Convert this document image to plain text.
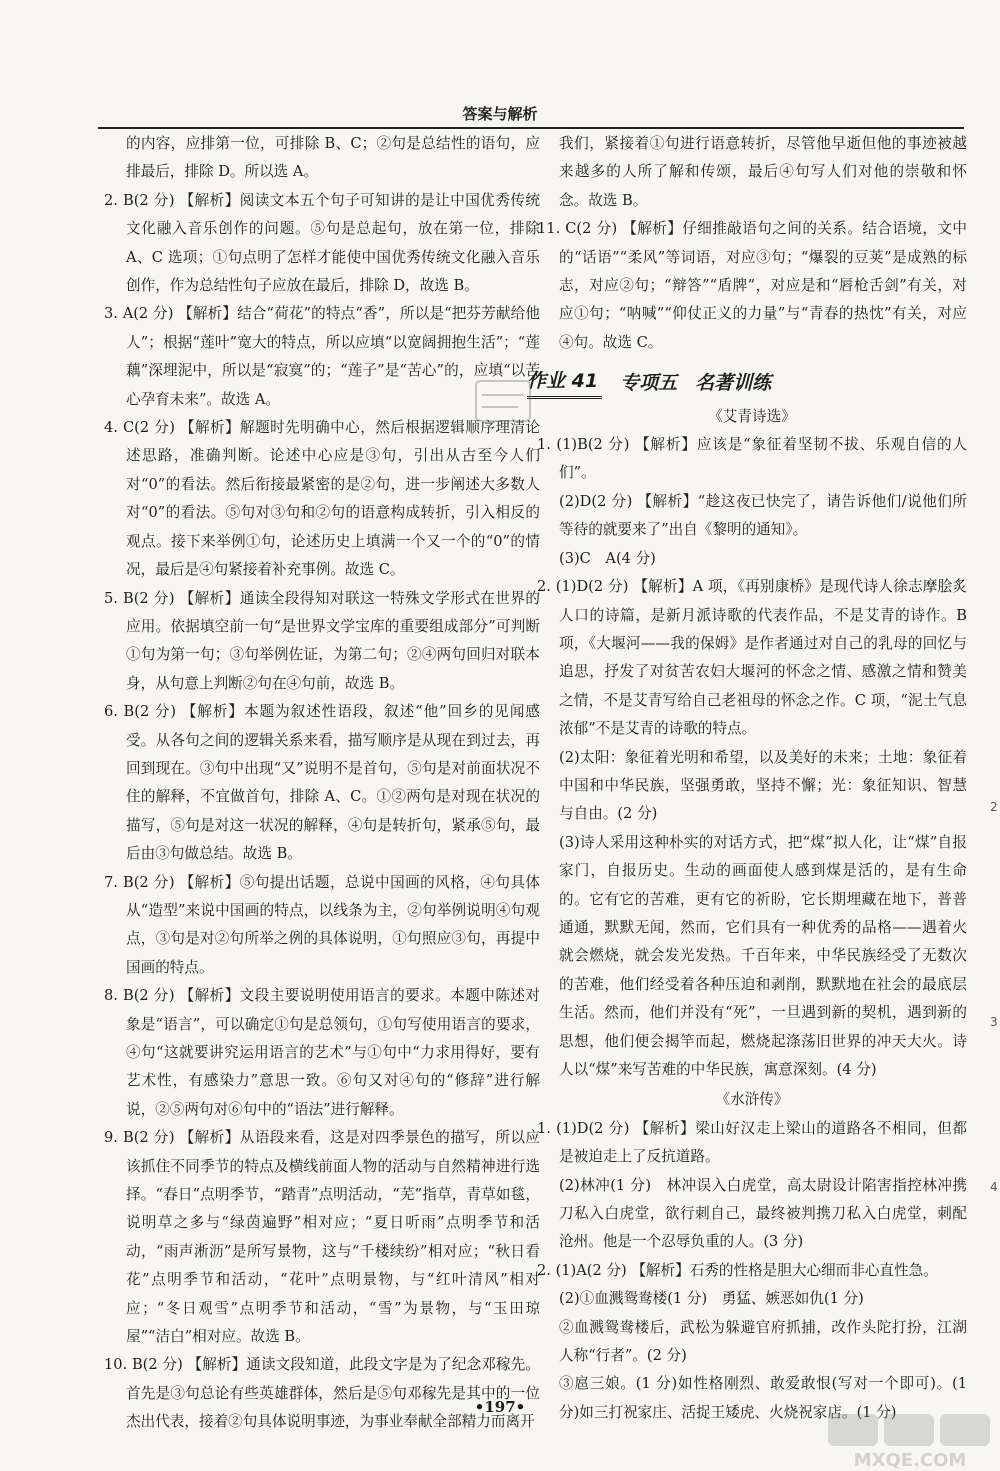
答案与解析

的内容，应排第一位，可排除 B、C；②句是总结性的语句，应排最后，排除 D。所以选 A。

2. B(2 分) 【解析】阅读文本五个句子可知讲的是让中国优秀传统文化融入音乐创作的问题。⑤句是总起句，放在第一位，排除 A、C 选项；①句点明了怎样才能使中国优秀传统文化融入音乐创作，作为总结性句子应放在最后，排除 D，故选 B。

3. A(2 分) 【解析】结合“荷花”的特点“香”，所以是“把芬芳献给他人”；根据“莲叶”宽大的特点，所以应填“以宽阔拥抱生活”；“莲藕”深埋泥中，所以是“寂寞”的；“莲子”是“苦心”的，应填“以苦心孕育未来”。故选 A。

4. C(2 分) 【解析】解题时先明确中心，然后根据逻辑顺序理清论述思路，准确判断。论述中心应是③句，引出从古至今人们对“0”的看法。然后衔接最紧密的是②句，进一步阐述大多数人对“0”的看法。⑤句对③句和②句的语意构成转折，引入相反的观点。接下来举例①句，论述历史上填满一个又一个的“0”的情况，最后是④句紧接着补充事例。故选 C。

5. B(2 分) 【解析】通读全段得知对联这一特殊文学形式在世界的应用。依据填空前一句“是世界文学宝库的重要组成部分”可判断①句为第一句；③句举例佐证，为第二句；②④两句回归对联本身，从句意上判断②句在④句前，故选 B。

6. B(2 分) 【解析】本题为叙述性语段，叙述“他”回乡的见闻感受。从各句之间的逻辑关系来看，描写顺序是从现在到过去，再回到现在。③句中出现“又”说明不是首句，⑤句是对前面状况不住的解释，不宜做首句，排除 A、C。①②两句是对现在状况的描写，⑤句是对这一状况的解释，④句是转折句，紧承⑤句，最后由③句做总结。故选 B。

7. B(2 分) 【解析】⑤句提出话题，总说中国画的风格，④句具体从“造型”来说中国画的特点，以线条为主，②句举例说明④句观点，③句是对②句所举之例的具体说明，①句照应③句，再提中国画的特点。

8. B(2 分) 【解析】文段主要说明使用语言的要求。本题中陈述对象是“语言”，可以确定①句是总领句，①句写使用语言的要求，④句“这就要讲究运用语言的艺术”与①句中“力求用得好，要有艺术性，有感染力”意思一致。⑥句又对④句的“修辞”进行解说，②⑤两句对⑥句中的“语法”进行解释。

9. B(2 分) 【解析】从语段来看，这是对四季景色的描写，所以应该抓住不同季节的特点及横线前面人物的活动与自然精神进行选择。“春日”点明季节，“踏青”点明活动，“芜”指草，青草如毯，说明草之多与“绿茵遍野”相对应；“夏日听雨”点明季节和活动，“雨声淅沥”是所写景物，这与“千楼续纷”相对应；“秋日看花”点明季节和活动，“花叶”点明景物，与“红叶清风”相对应；“冬日观雪”点明季节和活动，“雪”为景物，与“玉田琼屋”“洁白”相对应。故选 B。

10. B(2 分) 【解析】通读文段知道，此段文字是为了纪念邓稼先。首先是③句总论有些英雄群体，然后是⑤句邓稼先是其中的一位杰出代表，接着②句具体说明事迹，为事业奉献全部精力而离开

我们，紧接着①句进行语意转折，尽管他早逝但他的事迹被越来越多的人所了解和传颂，最后④句写人们对他的崇敬和怀念。故选 B。

11. C(2 分) 【解析】仔细推敲语句之间的关系。结合语境，文中的“话语”“柔风”等词语，对应③句；“爆裂的豆荚”是成熟的标志，对应②句；“辩答”“盾牌”，对应是和“唇枪舌剑”有关，对应①句；“呐喊”“仰仗正义的力量”与“青春的热忱”有关，对应④句。故选 C。

作业 41 专项五 名著训练
《艾青诗选》

1. (1)B(2 分) 【解析】应该是“象征着坚韧不拔、乐观自信的人们”。

(2)D(2 分) 【解析】“趁这夜已快完了，请告诉他们/说他们所等待的就要来了”出自《黎明的通知》。

(3)C　A(4 分)

2. (1)D(2 分) 【解析】A 项，《再别康桥》是现代诗人徐志摩脍炙人口的诗篇，是新月派诗歌的代表作品，不是艾青的诗作。B 项，《大堰河——我的保姆》是作者通过对自己的乳母的回忆与追思，抒发了对贫苦农妇大堰河的怀念之情、感激之情和赞美之情，不是艾青写给自己老祖母的怀念之作。C 项，“泥土气息浓郁”不是艾青的诗歌的特点。

(2)太阳：象征着光明和希望，以及美好的未来；土地：象征着中国和中华民族，坚强勇敢，坚持不懈；光：象征知识、智慧与自由。(2 分)

(3)诗人采用这种朴实的对话方式，把“煤”拟人化，让“煤”自报家门，自报历史。生动的画面使人感到煤是活的，是有生命的。它有它的苦难，更有它的祈盼，它长期埋藏在地下，普普通通，默默无闻，然而，它们具有一种优秀的品格——遇着火就会燃烧，就会发光发热。千百年来，中华民族经受了无数次的苦难，他们经受着各种压迫和剥削，默默地在社会的最底层生活。然而，他们并没有“死”，一旦遇到新的契机，遇到新的思想，他们便会揭竿而起，燃烧起涤荡旧世界的冲天大火。诗人以“煤”来写苦难的中华民族，寓意深刻。(4 分)

《水浒传》

1. (1)D(2 分) 【解析】梁山好汉走上梁山的道路各不相同，但都是被迫走上了反抗道路。

(2)林冲(1 分)　林冲误入白虎堂，高太尉设计陷害指控林冲携刀私入白虎堂，欲行刺自己，最终被判携刀私入白虎堂，刺配沧州。他是一个忍辱负重的人。(3 分)

2. (1)A(2 分) 【解析】石秀的性格是胆大心细而非心直性急。

(2)①血溅鸳鸯楼(1 分)　勇猛、嫉恶如仇(1 分)

②血溅鸳鸯楼后，武松为躲避官府抓捕，改作头陀打扮，江湖人称“行者”。(2 分)

③扈三娘。(1 分)如性格刚烈、敢爱敢恨(写对一个即可)。(1 分)如三打祝家庄、活捉王矮虎、火烧祝家店。(1 分)

•197•
2
3
4
MXQE.COM
